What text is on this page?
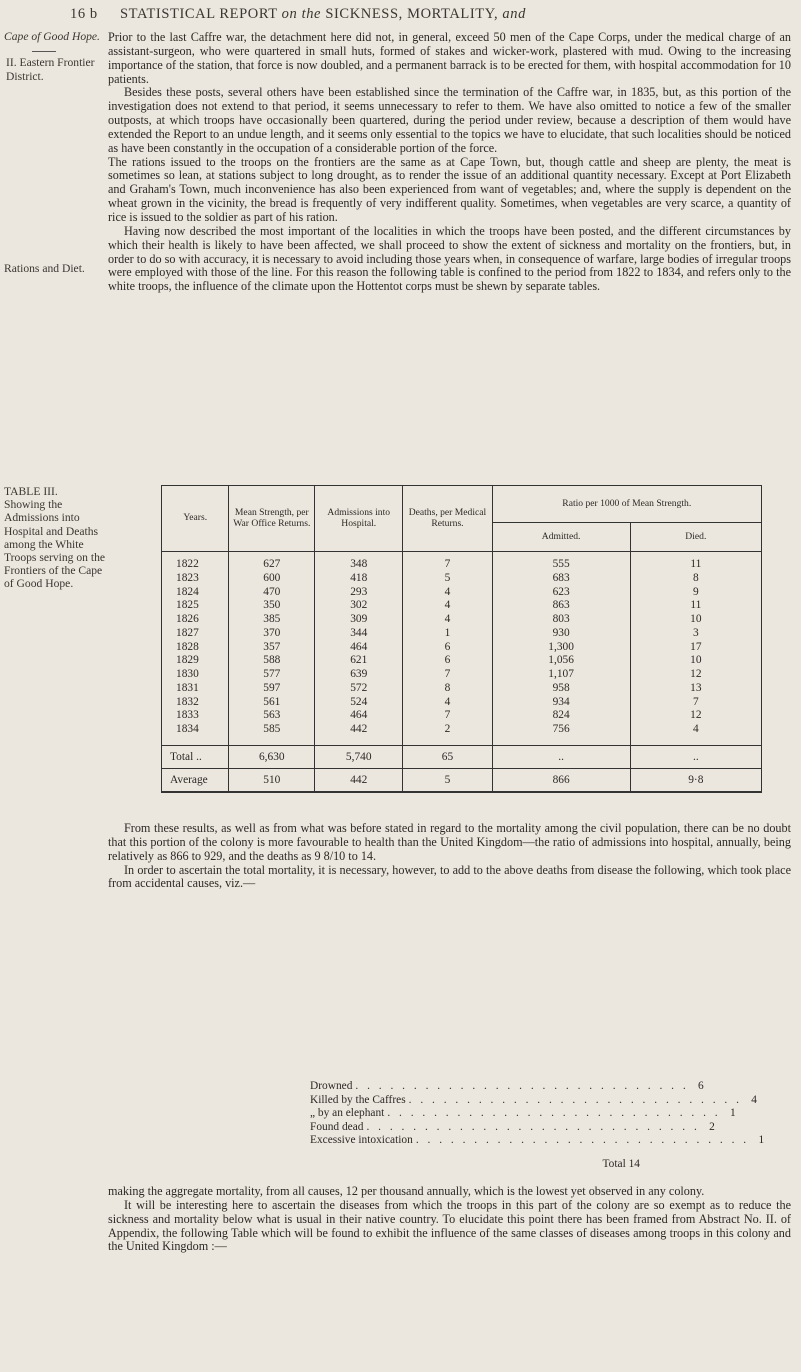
16 b STATISTICAL REPORT on the SICKNESS, MORTALITY, and
Cape of Good Hope.
II. Eastern Frontier District.
Rations and Diet.
TABLE III.
Showing the Admissions into Hospital and Deaths among the White Troops serving on the Frontiers of the Cape of Good Hope.

Prior to the last Caffre war, the detachment here did not, in general, exceed 50 men of the Cape Corps, under the medical charge of an assistant-surgeon, who were quartered in small huts, formed of stakes and wicker-work, plastered with mud. Owing to the increasing importance of the station, that force is now doubled, and a permanent barrack is to be erected for them, with hospital accommodation for 10 patients.

Besides these posts, several others have been established since the termination of the Caffre war, in 1835, but, as this portion of the investigation does not extend to that period, it seems unnecessary to refer to them. We have also omitted to notice a few of the smaller outposts, at which troops have occasionally been quartered, during the period under review, because a description of them would have extended the Report to an undue length, and it seems only essential to the topics we have to elucidate, that such localities should be noticed as have been constantly in the occupation of a considerable portion of the force.

The rations issued to the troops on the frontiers are the same as at Cape Town, but, though cattle and sheep are plenty, the meat is sometimes so lean, at stations subject to long drought, as to render the issue of an additional quantity necessary. Except at Port Elizabeth and Graham's Town, much inconvenience has also been experienced from want of vegetables; and, where the supply is dependent on the wheat grown in the vicinity, the bread is frequently of very indifferent quality. Sometimes, when vegetables are very scarce, a quantity of rice is issued to the soldier as part of his ration.

Having now described the most important of the localities in which the troops have been posted, and the different circumstances by which their health is likely to have been affected, we shall proceed to show the extent of sickness and mortality on the frontiers, but, in order to do so with accuracy, it is necessary to avoid including those years when, in consequence of warfare, large bodies of irregular troops were employed with those of the line. For this reason the following table is confined to the period from 1822 to 1834, and refers only to the white troops, the influence of the climate upon the Hottentot corps must be shewn by separate tables.

Years.	Mean Strength, per War Office Returns.	Admissions into Hospital.	Deaths, per Medical Returns.	Ratio per 1000 of Mean Strength.	
				Admitted.	Died.
1822	627	348	7	555	11
1823	600	418	5	683	8
1824	470	293	4	623	9
1825	350	302	4	863	11
1826	385	309	4	803	10
1827	370	344	1	930	3
1828	357	464	6	1,300	17
1829	588	621	6	1,056	10
1830	577	639	7	1,107	12
1831	597	572	8	958	13
1832	561	524	4	934	7
1833	563	464	7	824	12
1834	585	442	2	756	4
Total ..	6,630	5,740	65	..	..
Average	510	442	5	866	9·8

From these results, as well as from what was before stated in regard to the mortality among the civil population, there can be no doubt that this portion of the colony is more favourable to health than the United Kingdom—the ratio of admissions into hospital, annually, being relatively as 866 to 929, and the deaths as 9 8/10 to 14.

In order to ascertain the total mortality, it is necessary, however, to add to the above deaths from disease the following, which took place from accidental causes, viz.—

Drowned . . . . . . . . . . . . . . . . . . . . . . . . . . . . . 6
Killed by the Caffres . . . . . . . . . . . . . . . . . . . . . . . . . . . . . 4
„ by an elephant . . . . . . . . . . . . . . . . . . . . . . . . . . . . . 1
Found dead . . . . . . . . . . . . . . . . . . . . . . . . . . . . . 2
Excessive intoxication . . . . . . . . . . . . . . . . . . . . . . . . . . . . . 1
Total 14

making the aggregate mortality, from all causes, 12 per thousand annually, which is the lowest yet observed in any colony.

It will be interesting here to ascertain the diseases from which the troops in this part of the colony are so exempt as to reduce the sickness and mortality below what is usual in their native country. To elucidate this point there has been framed from Abstract No. II. of Appendix, the following Table which will be found to exhibit the influence of the same classes of diseases among troops in this colony and the United Kingdom :—
